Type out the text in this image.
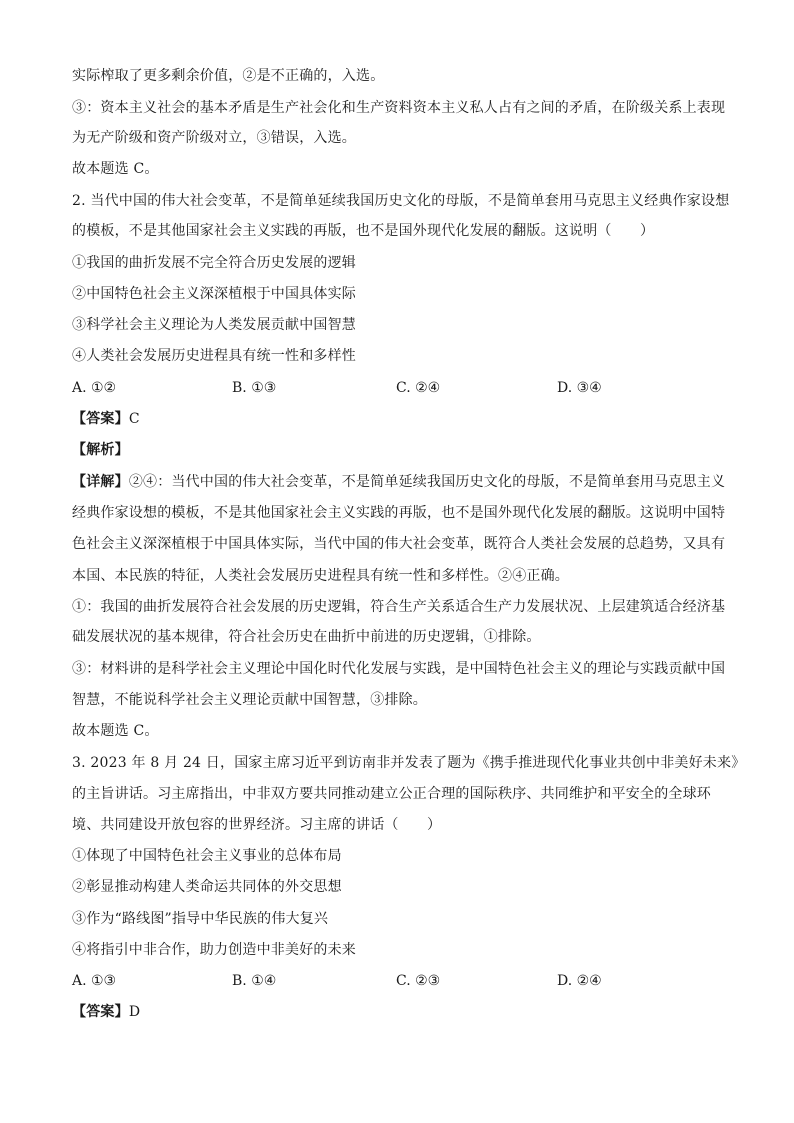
实际榨取了更多剩余价值，②是不正确的，入选。
③：资本主义社会的基本矛盾是生产社会化和生产资料资本主义私人占有之间的矛盾，在阶级关系上表现
为无产阶级和资产阶级对立，③错误，入选。
故本题选 C。
2. 当代中国的伟大社会变革，不是简单延续我国历史文化的母版，不是简单套用马克思主义经典作家设想
的模板，不是其他国家社会主义实践的再版，也不是国外现代化发展的翻版。这说明（　　）
①我国的曲折发展不完全符合历史发展的逻辑
②中国特色社会主义深深植根于中国具体实际
③科学社会主义理论为人类发展贡献中国智慧
④人类社会发展历史进程具有统一性和多样性
A. ①②	B. ①③	C. ②④	D. ③④
【答案】C
【解析】
【详解】②④：当代中国的伟大社会变革，不是简单延续我国历史文化的母版，不是简单套用马克思主义
经典作家设想的模板，不是其他国家社会主义实践的再版，也不是国外现代化发展的翻版。这说明中国特
色社会主义深深植根于中国具体实际，当代中国的伟大社会变革，既符合人类社会发展的总趋势，又具有
本国、本民族的特征，人类社会发展历史进程具有统一性和多样性。②④正确。
①：我国的曲折发展符合社会发展的历史逻辑，符合生产关系适合生产力发展状况、上层建筑适合经济基
础发展状况的基本规律，符合社会历史在曲折中前进的历史逻辑，①排除。
③：材料讲的是科学社会主义理论中国化时代化发展与实践，是中国特色社会主义的理论与实践贡献中国
智慧，不能说科学社会主义理论贡献中国智慧，③排除。
故本题选 C。
3. 2023 年 8 月 24 日，国家主席习近平到访南非并发表了题为《携手推进现代化事业共创中非美好未来》
的主旨讲话。习主席指出，中非双方要共同推动建立公正合理的国际秩序、共同维护和平安全的全球环
境、共同建设开放包容的世界经济。习主席的讲话（　　）
①体现了中国特色社会主义事业的总体布局
②彰显推动构建人类命运共同体的外交思想
③作为“路线图”指导中华民族的伟大复兴
④将指引中非合作，助力创造中非美好的未来
A. ①③	B. ①④	C. ②③	D. ②④
【答案】D
